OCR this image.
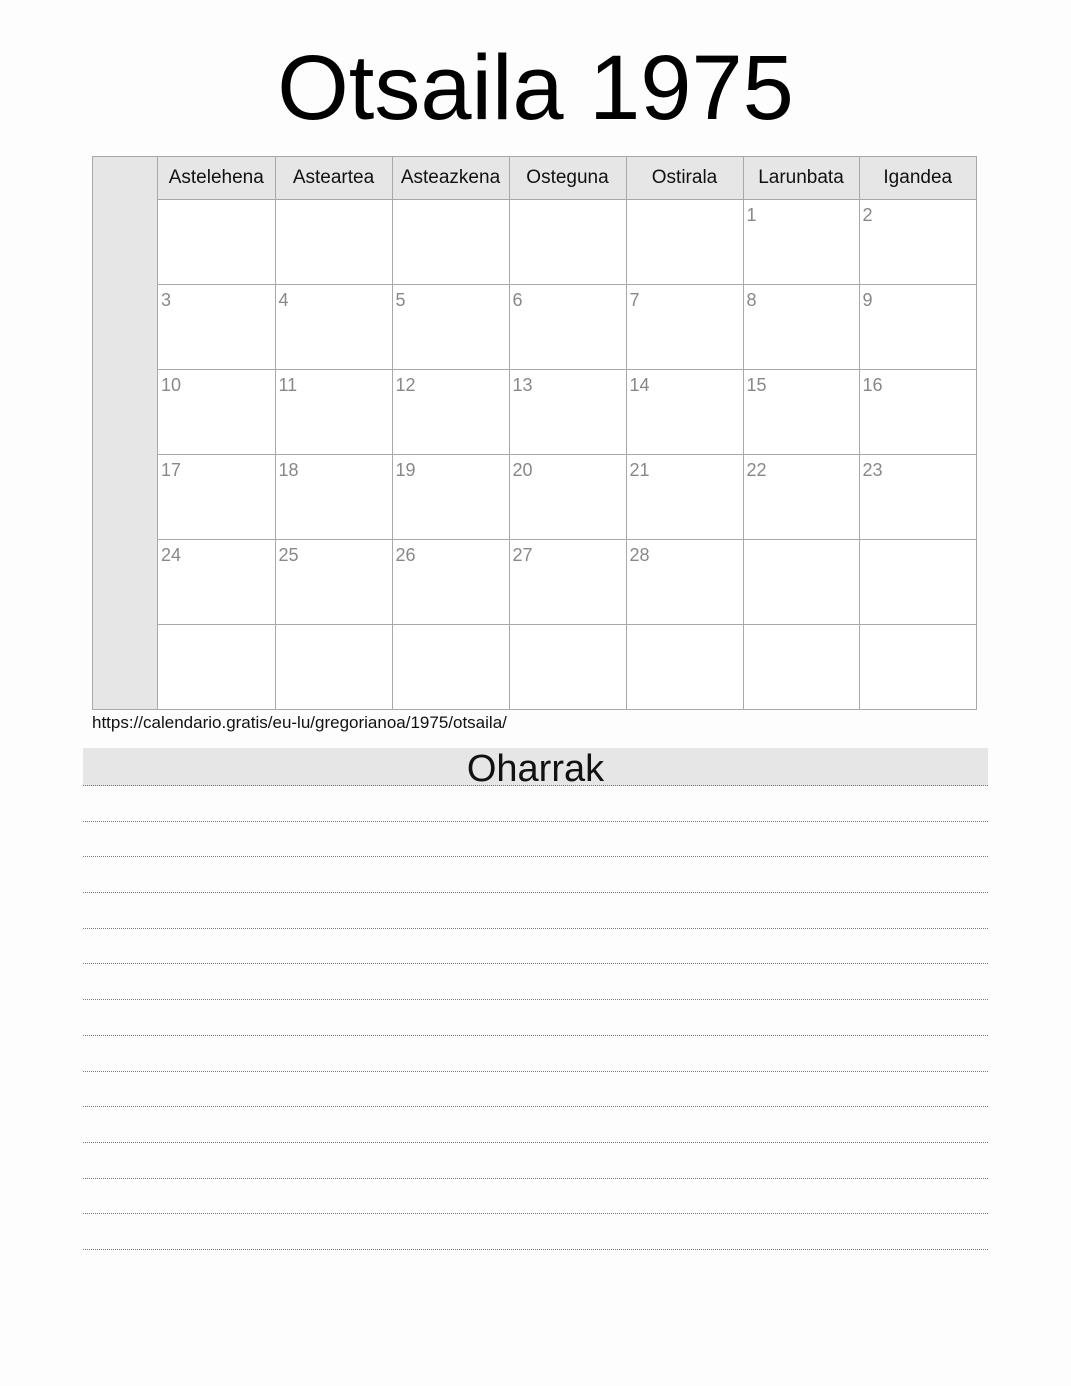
Otsaila 1975
Astelehena	Asteartea	Asteazkena	Osteguna	Ostirala	Larunbata	Igandea
					1	2
3	4	5	6	7	8	9
10	11	12	13	14	15	16
17	18	19	20	21	22	23
24	25	26	27	28		

https://calendario.gratis/eu-lu/gregorianoa/1975/otsaila/
Oharrak
